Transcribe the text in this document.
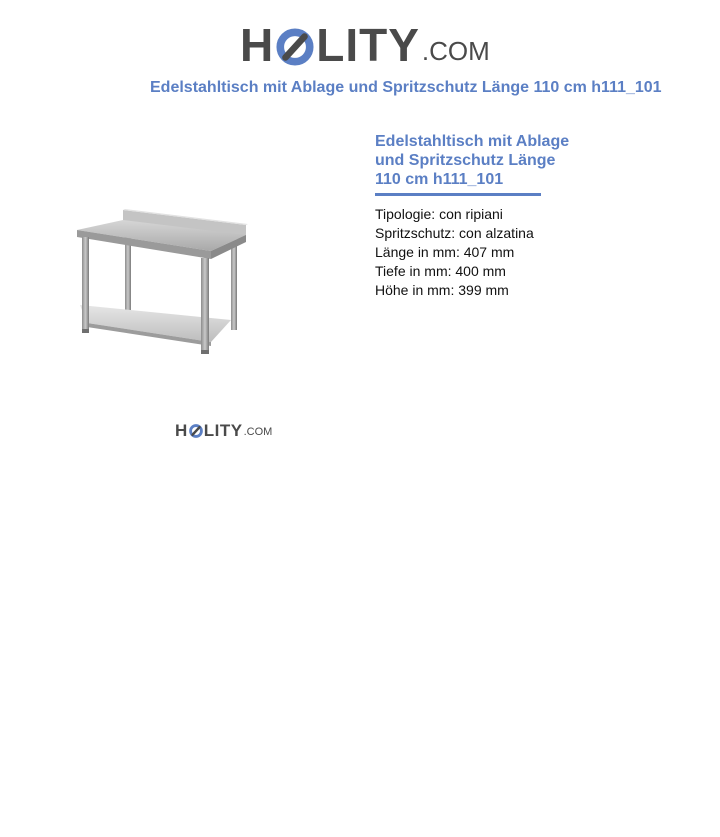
H LITY .COM
Edelstahltisch mit Ablage und Spritzschutz Länge 110 cm h111_101
H LITY .COM
Edelstahltisch mit Ablage und Spritzschutz Länge 110 cm h111_101
Tipologie: con ripiani
Spritzschutz: con alzatina
Länge in mm: 407 mm
Tiefe in mm: 400 mm
Höhe in mm: 399 mm
